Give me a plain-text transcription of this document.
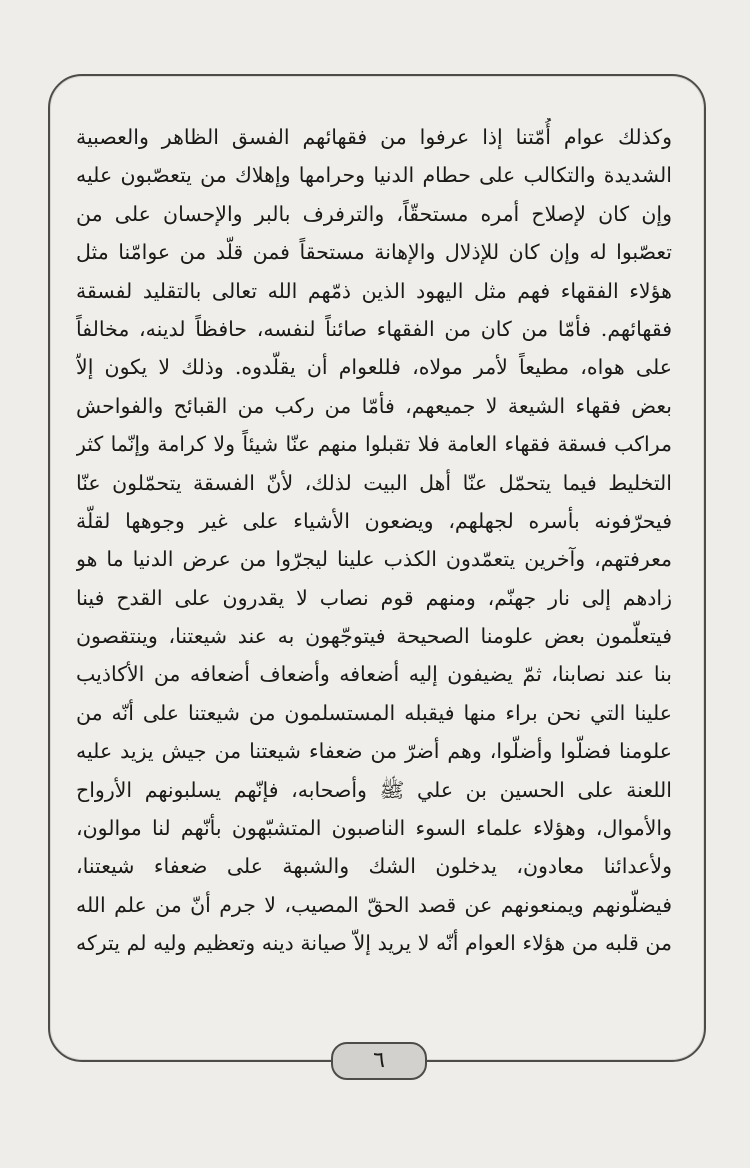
وكذلك عوام أُمّتنا إذا عرفوا من فقهائهم الفسق الظاهر والعصبية
الشديدة والتكالب على حطام الدنيا وحرامها وإهلاك من يتعصّبون عليه
وإن كان لإصلاح أمره مستحقّاً، والترفرف بالبر والإحسان على من
تعصّبوا له وإن كان للإذلال والإهانة مستحقاً فمن قلّد من عوامّنا مثل
هؤلاء الفقهاء فهم مثل اليهود الذين ذمّهم الله تعالى بالتقليد لفسقة
فقهائهم. فأمّا من كان من الفقهاء صائناً لنفسه، حافظاً لدينه، مخالفاً
على هواه، مطيعاً لأمر مولاه، فللعوام أن يقلّدوه. وذلك لا يكون إلاّ
بعض فقهاء الشيعة لا جميعهم، فأمّا من ركب من القبائح والفواحش
مراكب فسقة فقهاء العامة فلا تقبلوا منهم عنّا شيئاً ولا كرامة وإنّما كثر
التخليط فيما يتحمّل عنّا أهل البيت لذلك، لأنّ الفسقة يتحمّلون عنّا
فيحرّفونه بأسره لجهلهم، ويضعون الأشياء على غير وجوهها لقلّة
معرفتهم، وآخرين يتعمّدون الكذب علينا ليجرّوا من عرض الدنيا ما هو
زادهم إلى نار جهنّم، ومنهم قوم نصاب لا يقدرون على القدح فينا
فيتعلّمون بعض علومنا الصحيحة فيتوجّهون به عند شيعتنا، وينتقصون
بنا عند نصابنا، ثمّ يضيفون إليه أضعافه وأضعاف أضعافه من الأكاذيب
علينا التي نحن براء منها فيقبله المستسلمون من شيعتنا على أنّه من
علومنا فضلّوا وأضلّوا، وهم أضرّ من ضعفاء شيعتنا من جيش يزيد عليه
اللعنة على الحسين بن علي ﷺ وأصحابه، فإنّهم يسلبونهم الأرواح
والأموال، وهؤلاء علماء السوء الناصبون المتشبّهون بأنّهم لنا موالون،
ولأعدائنا معادون، يدخلون الشك والشبهة على ضعفاء شيعتنا،
فيضلّونهم ويمنعونهم عن قصد الحقّ المصيب، لا جرم أنّ من علم الله
من قلبه من هؤلاء العوام أنّه لا يريد إلاّ صيانة دينه وتعظيم وليه لم يتركه
٦
